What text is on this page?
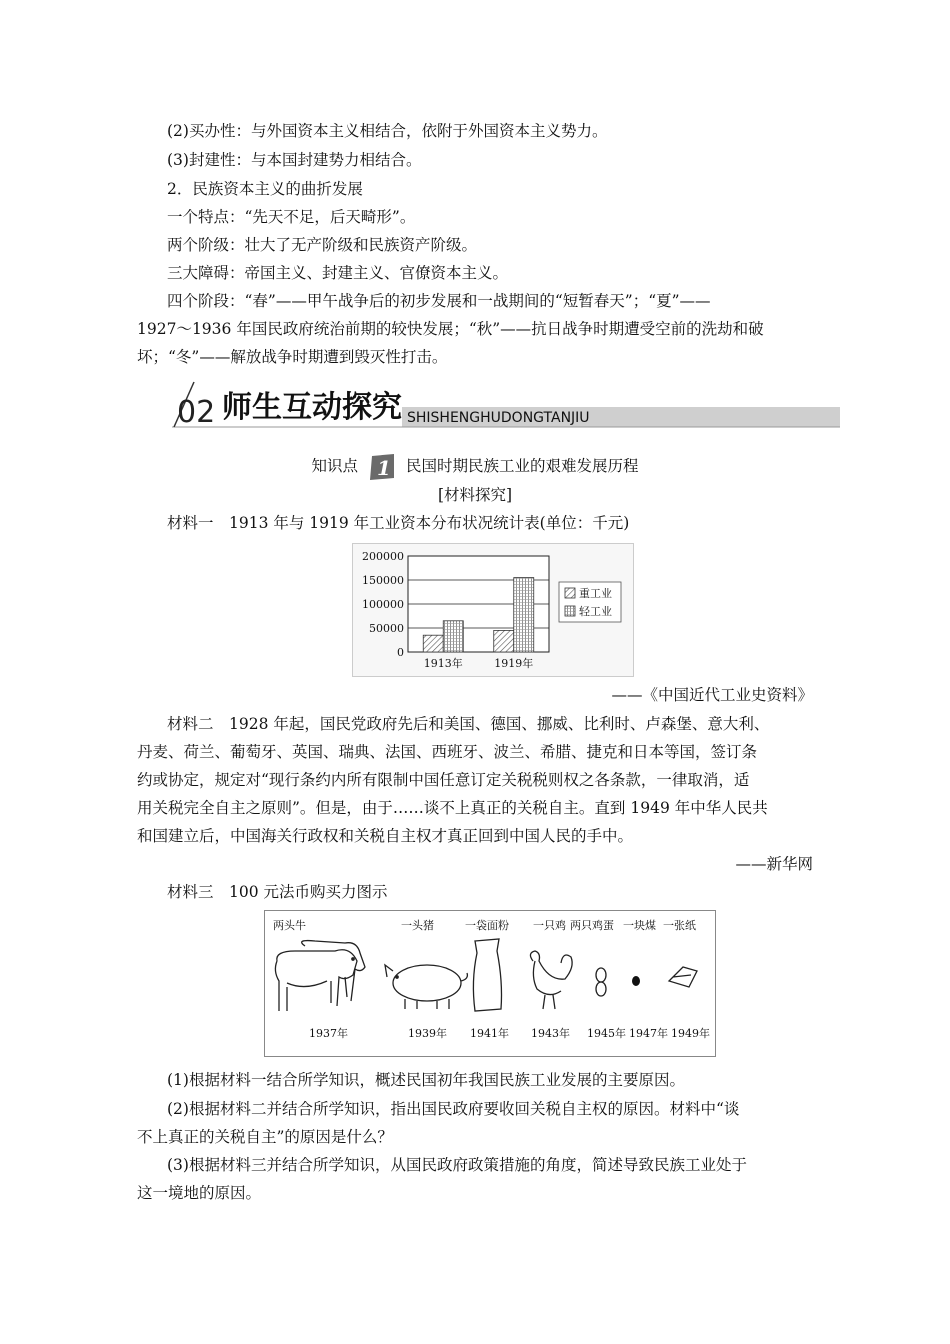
(2)买办性：与外国资本主义相结合，依附于外国资本主义势力。
(3)封建性：与本国封建势力相结合。
2．民族资本主义的曲折发展
一个特点：“先天不足，后天畸形”。
两个阶级：壮大了无产阶级和民族资产阶级。
三大障碍：帝国主义、封建主义、官僚资本主义。
四个阶段：“春”——甲午战争后的初步发展和一战期间的“短暂春天”；“夏”——
1927～1936 年国民政府统治前期的较快发展；“秋”——抗日战争时期遭受空前的洗劫和破
坏；“冬”——解放战争时期遭到毁灭性打击。
02 师生互动探究 SHISHENGHUDONGTANJIU
知识点 1 民国时期民族工业的艰难发展历程
[材料探究]
材料一　1913 年与 1919 年工业资本分布状况统计表(单位：千元)
200000
150000
100000
50000
0
1913年	1919年
重工业
轻工业
——《中国近代工业史资料》
材料二　1928 年起，国民党政府先后和美国、德国、挪威、比利时、卢森堡、意大利、
丹麦、荷兰、葡萄牙、英国、瑞典、法国、西班牙、波兰、希腊、捷克和日本等国，签订条
约或协定，规定对“现行条约内所有限制中国任意订定关税税则权之各条款，一律取消，适
用关税完全自主之原则”。但是，由于……谈不上真正的关税自主。直到 1949 年中华人民共
和国建立后，中国海关行政权和关税自主权才真正回到中国人民的手中。
——新华网
材料三　100 元法币购买力图示
两头牛	一头猪	一袋面粉 一只鸡 两只鸡蛋 一块煤 一张纸
1937年	1939年 1941年 1943年 1945年 1947年 1949年
(1)根据材料一结合所学知识，概述民国初年我国民族工业发展的主要原因。
(2)根据材料二并结合所学知识，指出国民政府要收回关税自主权的原因。材料中“谈
不上真正的关税自主”的原因是什么？
(3)根据材料三并结合所学知识，从国民政府政策措施的角度，简述导致民族工业处于
这一境地的原因。
